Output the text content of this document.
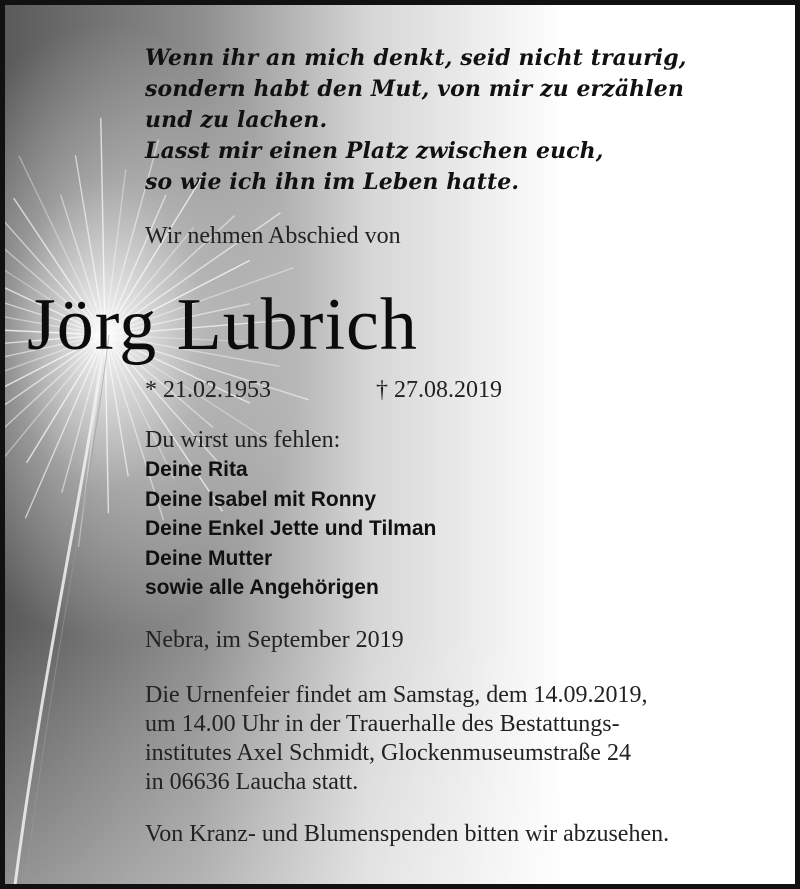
Wenn ihr an mich denkt, seid nicht traurig,
sondern habt den Mut, von mir zu erzählen
und zu lachen.
Lasst mir einen Platz zwischen euch,
so wie ich ihn im Leben hatte.
Wir nehmen Abschied von
Jörg Lubrich
* 21.02.1953	† 27.08.2019
Du wirst uns fehlen:
Deine Rita
Deine Isabel mit Ronny
Deine Enkel Jette und Tilman
Deine Mutter
sowie alle Angehörigen
Nebra, im September 2019
Die Urnenfeier findet am Samstag, dem 14.09.2019,
um 14.00 Uhr in der Trauerhalle des Bestattungs-
institutes Axel Schmidt, Glockenmuseumstraße 24
in 06636 Laucha statt.
Von Kranz- und Blumenspenden bitten wir abzusehen.
